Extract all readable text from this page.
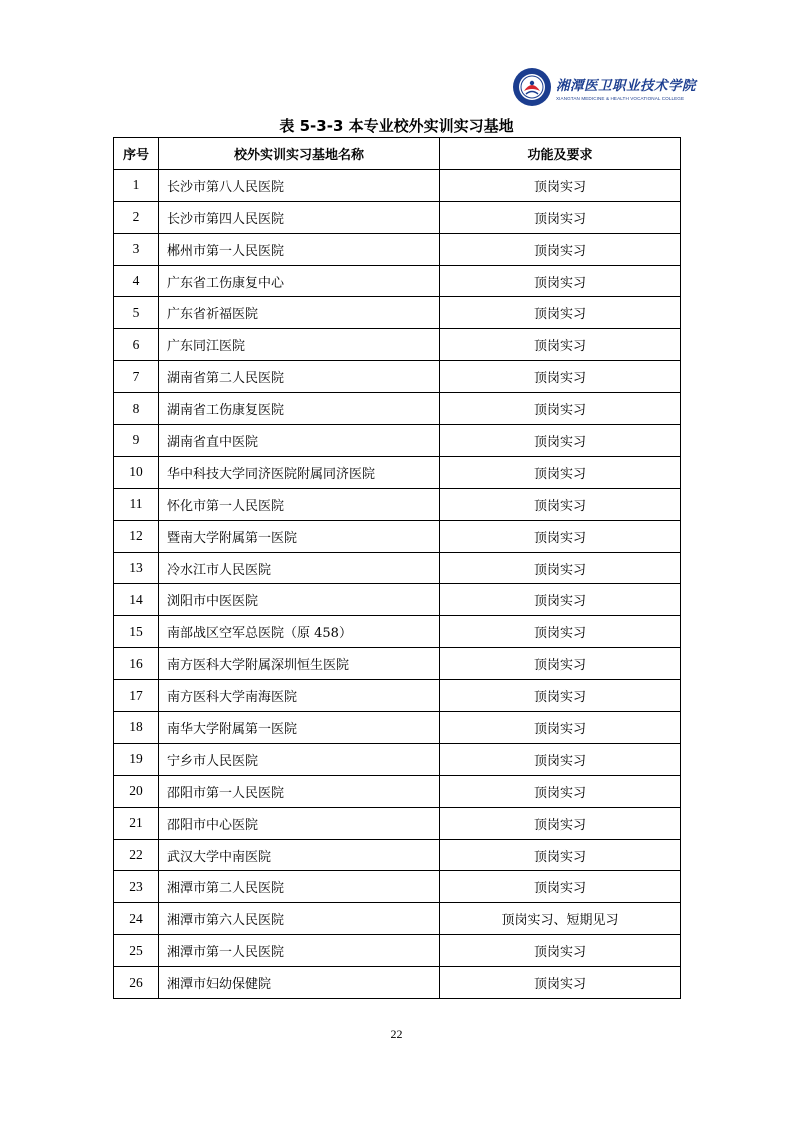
湘潭医卫职业技术学院
XIANGTAN MEDICINE & HEALTH VOCATIONAL COLLEGE
表 5-3-3 本专业校外实训实习基地
序号	校外实训实习基地名称	功能及要求
1	长沙市第八人民医院	顶岗实习
2	长沙市第四人民医院	顶岗实习
3	郴州市第一人民医院	顶岗实习
4	广东省工伤康复中心	顶岗实习
5	广东省祈福医院	顶岗实习
6	广东同江医院	顶岗实习
7	湖南省第二人民医院	顶岗实习
8	湖南省工伤康复医院	顶岗实习
9	湖南省直中医院	顶岗实习
10	华中科技大学同济医院附属同济医院	顶岗实习
11	怀化市第一人民医院	顶岗实习
12	暨南大学附属第一医院	顶岗实习
13	冷水江市人民医院	顶岗实习
14	浏阳市中医医院	顶岗实习
15	南部战区空军总医院（原 458）	顶岗实习
16	南方医科大学附属深圳恒生医院	顶岗实习
17	南方医科大学南海医院	顶岗实习
18	南华大学附属第一医院	顶岗实习
19	宁乡市人民医院	顶岗实习
20	邵阳市第一人民医院	顶岗实习
21	邵阳市中心医院	顶岗实习
22	武汉大学中南医院	顶岗实习
23	湘潭市第二人民医院	顶岗实习
24	湘潭市第六人民医院	顶岗实习、短期见习
25	湘潭市第一人民医院	顶岗实习
26	湘潭市妇幼保健院	顶岗实习
22
